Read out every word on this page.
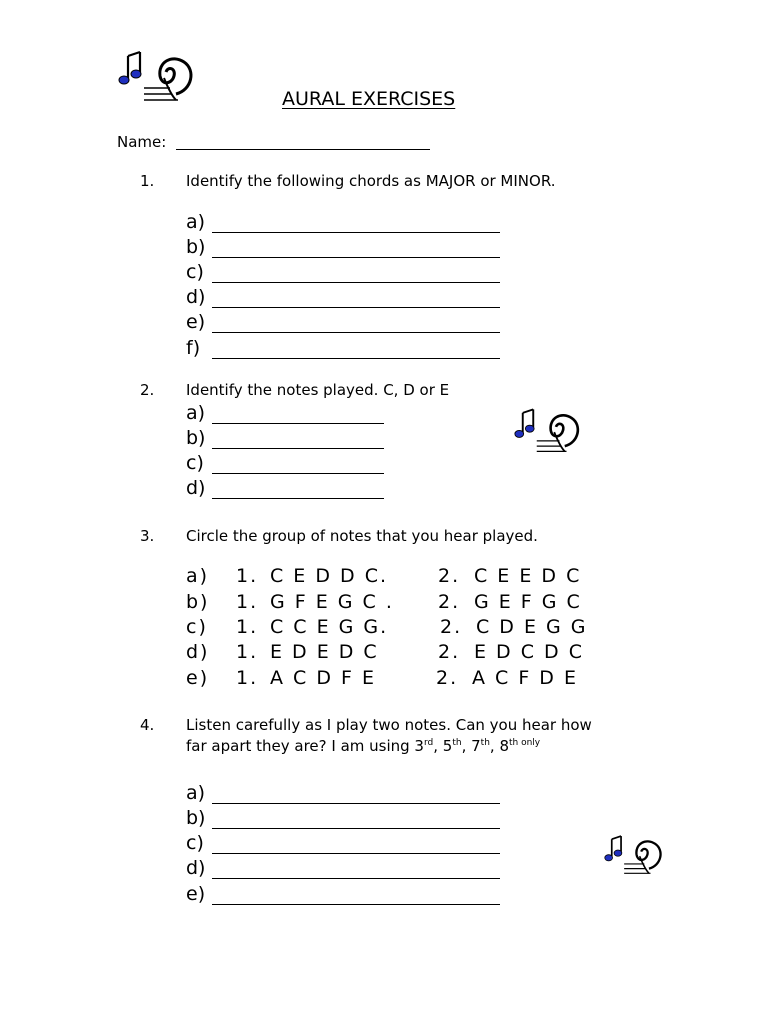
AURAL EXERCISES
Name:
1. Identify the following chords as MAJOR or MINOR.
a)
b)
c)
d)
e)
f)
2. Identify the notes played. C, D or E
a)
b)
c)
d)
3. Circle the group of notes that you hear played.
a) 1. C E D D C.	2. C E E D C
b) 1. G F E G C . 2. G E F G C
c) 1. C C E G G.	2. C D E G G
d) 1. E D E D C	2. E D C D C
e) 1. A C D F E	2. A C F D E
4. Listen carefully as I play two notes. Can you hear how
far apart they are? I am using 3rd, 5th, 7th, $8^{th only}$
a)
b)
c)
d)
e)
